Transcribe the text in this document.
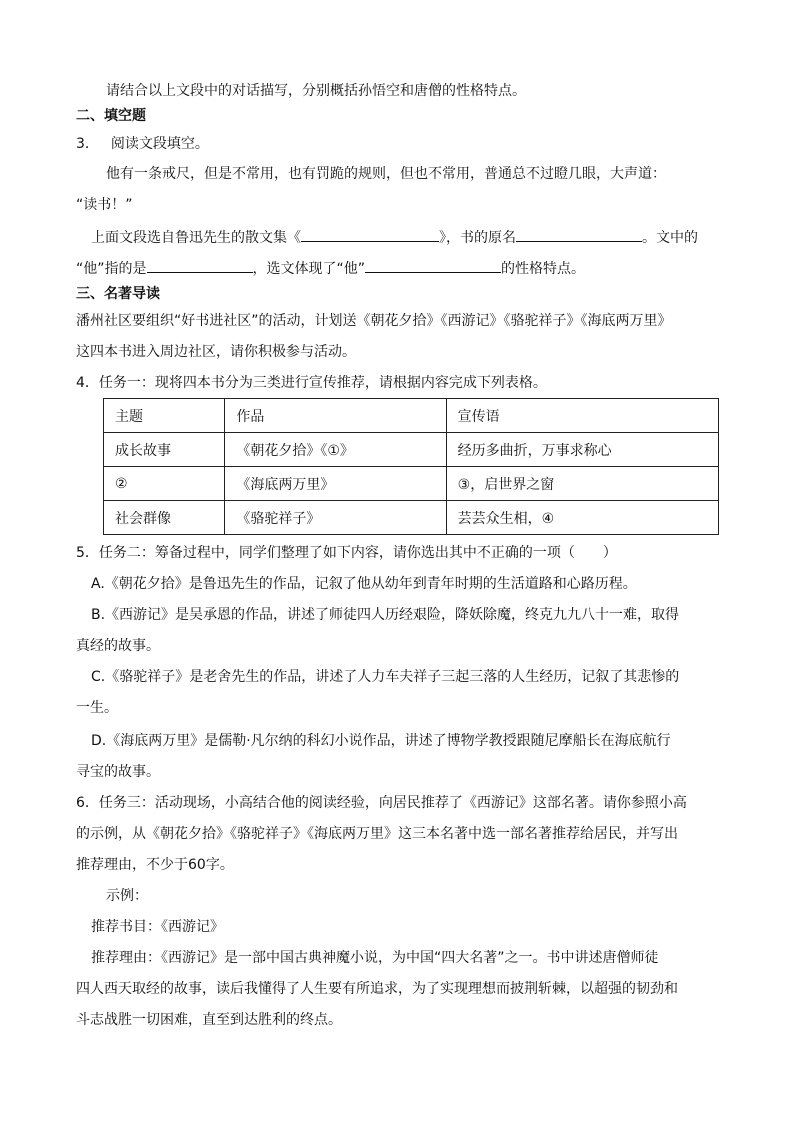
请结合以上文段中的对话描写，分别概括孙悟空和唐僧的性格特点。
二、填空题
3． 阅读文段填空。
他有一条戒尺，但是不常用，也有罚跪的规则，但也不常用，普通总不过瞪几眼，大声道：
“读书！”
上面文段选自鲁迅先生的散文集《	》，书的原名	。文中的
“他”指的是	，选文体现了“他”	的性格特点。
三、名著导读
潘州社区要组织“好书进社区”的活动，计划送《朝花夕拾》《西游记》《骆驼祥子》《海底两万里》
这四本书进入周边社区，请你积极参与活动。
4．任务一：现将四本书分为三类进行宣传推荐，请根据内容完成下列表格。
主题	作品	宣传语
成长故事	《朝花夕拾》《①》	经历多曲折，万事求称心
②	《海底两万里》	③，启世界之窗
社会群像	《骆驼祥子》	芸芸众生相，④
5．任务二：筹备过程中，同学们整理了如下内容，请你选出其中不正确的一项（　　）
A.《朝花夕拾》是鲁迅先生的作品，记叙了他从幼年到青年时期的生活道路和心路历程。
B.《西游记》是吴承恩的作品，讲述了师徒四人历经艰险，降妖除魔，终克九九八十一难，取得
真经的故事。
C.《骆驼祥子》是老舍先生的作品，讲述了人力车夫祥子三起三落的人生经历，记叙了其悲惨的
一生。
D.《海底两万里》是儒勒·凡尔纳的科幻小说作品，讲述了博物学教授跟随尼摩船长在海底航行
寻宝的故事。
6．任务三：活动现场，小高结合他的阅读经验，向居民推荐了《西游记》这部名著。请你参照小高
的示例，从《朝花夕拾》《骆驼祥子》《海底两万里》这三本名著中选一部名著推荐给居民，并写出
推荐理由，不少于60字。
示例：
推荐书目：《西游记》
推荐理由：《西游记》是一部中国古典神魔小说，为中国“四大名著”之一。书中讲述唐僧师徒
四人西天取经的故事，读后我懂得了人生要有所追求，为了实现理想而披荆斩棘，以超强的韧劲和
斗志战胜一切困难，直至到达胜利的终点。
